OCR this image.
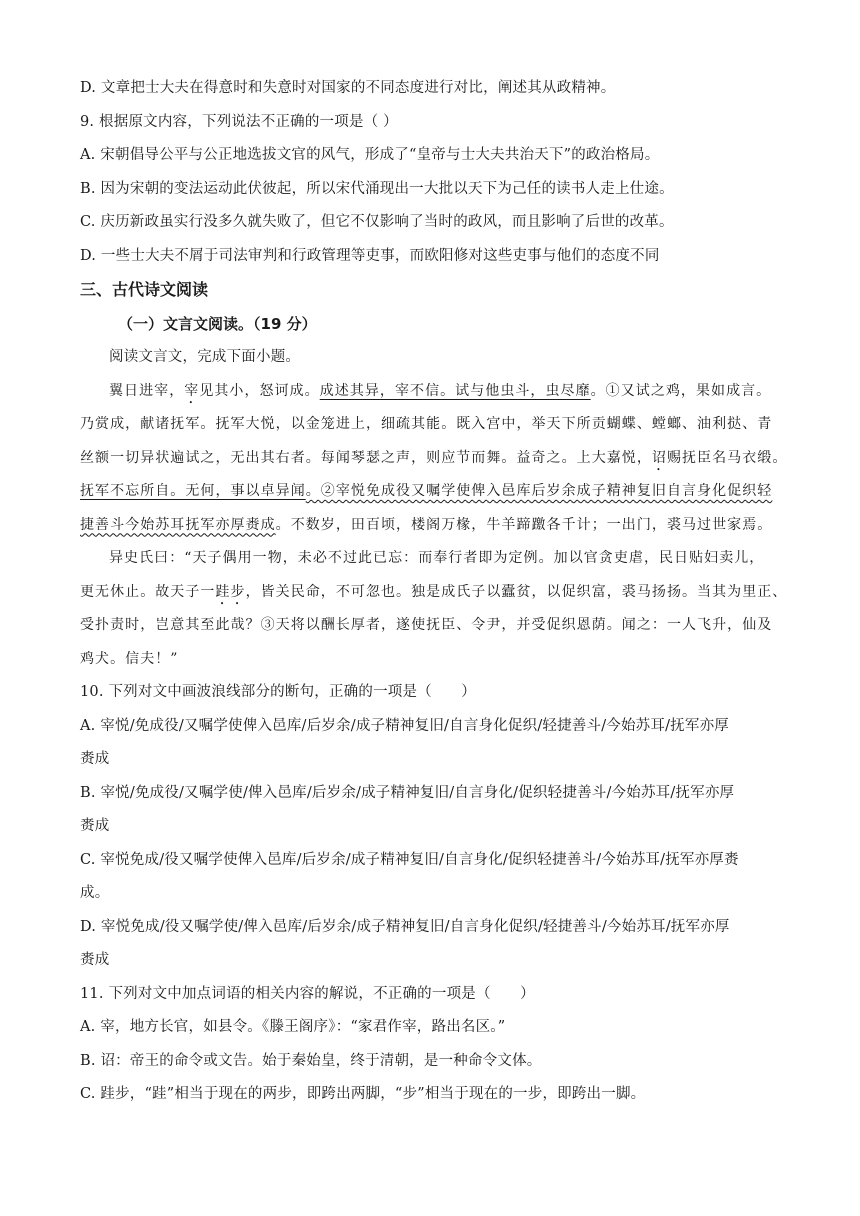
D. 文章把士大夫在得意时和失意时对国家的不同态度进行对比，阐述其从政精神。
9. 根据原文内容，下列说法不正确的一项是（ ）
A. 宋朝倡导公平与公正地选拔文官的风气，形成了“皇帝与士大夫共治天下”的政治格局。
B. 因为宋朝的变法运动此伏彼起，所以宋代涌现出一大批以天下为己任的读书人走上仕途。
C. 庆历新政虽实行没多久就失败了，但它不仅影响了当时的政风，而且影响了后世的改革。
D. 一些士大夫不屑于司法审判和行政管理等吏事，而欧阳修对这些吏事与他们的态度不同
三、古代诗文阅读
（一）文言文阅读。（19 分）
阅读文言文，完成下面小题。
翼日进宰，宰见其小，怒诃成。成述其异，宰不信。试与他虫斗，虫尽靡。①又试之鸡，果如成言。
乃赏成，献诸抚军。抚军大悦，以金笼进上，细疏其能。既入宫中，举天下所贡蝴蝶、螳螂、油利挞、青
丝额一切异状遍试之，无出其右者。每闻琴瑟之声，则应节而舞。益奇之。上大嘉悦，诏赐抚臣名马衣缎。
抚军不忘所自。无何，事以卓异闻。②宰悦免成役又嘱学使俾入邑库后岁余成子精神复旧自言身化促织轻
捷善斗今始苏耳抚军亦厚赉成。不数岁，田百顷，楼阁万椽，牛羊蹄躈各千计；一出门，裘马过世家焉。
异史氏曰：“天子偶用一物，未必不过此已忘：而奉行者即为定例。加以官贪吏虐，民日贴妇卖儿，
更无休止。故天子一跬步，皆关民命，不可忽也。独是成氏子以蠹贫，以促织富，裘马扬扬。当其为里正、
受扑责时，岂意其至此哉？③天将以酬长厚者，遂使抚臣、令尹，并受促织恩荫。闻之：一人飞升，仙及
鸡犬。信夫！”
10. 下列对文中画波浪线部分的断句，正确的一项是（　　）
A. 宰悦/免成役/又嘱学使俾入邑库/后岁余/成子精神复旧/自言身化促织/轻捷善斗/今始苏耳/抚军亦厚
赉成
B. 宰悦/免成役/又嘱学使/俾入邑库/后岁余/成子精神复旧/自言身化/促织轻捷善斗/今始苏耳/抚军亦厚
赉成
C. 宰悦免成/役又嘱学使俾入邑库/后岁余/成子精神复旧/自言身化/促织轻捷善斗/今始苏耳/抚军亦厚赉
成。
D. 宰悦免成/役又嘱学使/俾入邑库/后岁余/成子精神复旧/自言身化促织/轻捷善斗/今始苏耳/抚军亦厚
赉成
11. 下列对文中加点词语的相关内容的解说，不正确的一项是（　　）
A. 宰，地方长官，如县令。《滕王阁序》：“家君作宰，路出名区。”
B. 诏：帝王的命令或文告。始于秦始皇，终于清朝，是一种命令文体。
C. 跬步，“跬”相当于现在的两步，即跨出两脚，“步”相当于现在的一步，即跨出一脚。
